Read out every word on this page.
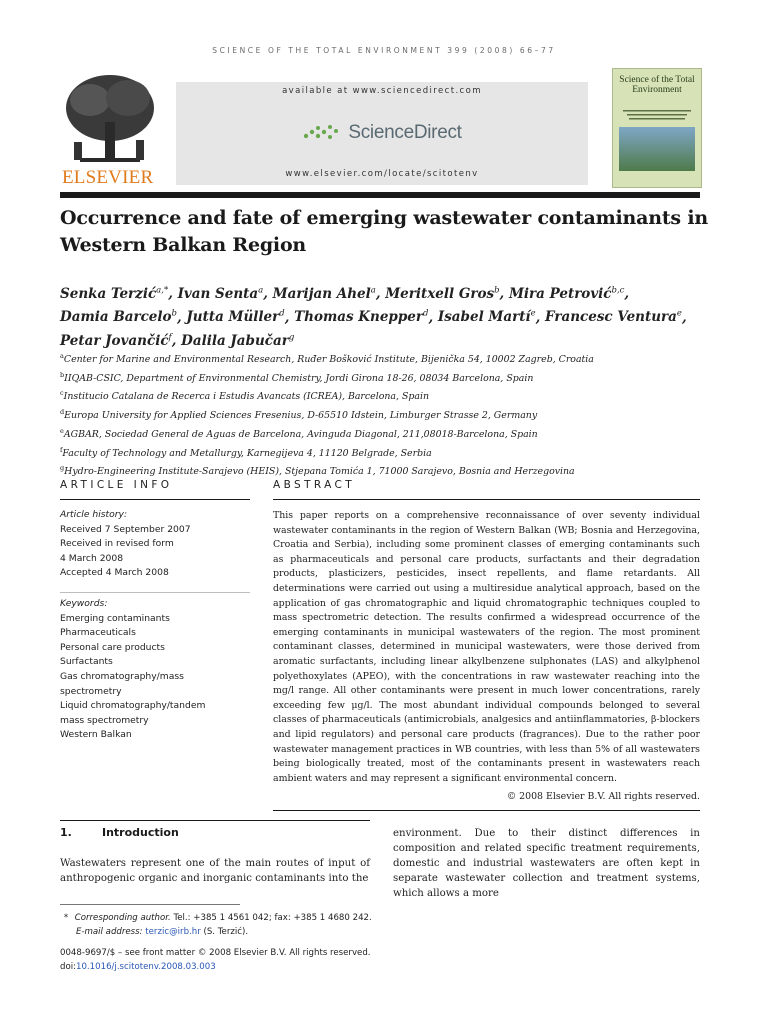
SCIENCE OF THE TOTAL ENVIRONMENT 399 (2008) 66–77
ELSEVIER
available at www.sciencedirect.com
ScienceDirect
www.elsevier.com/locate/scitotenv
Science of the Total Environment
Occurrence and fate of emerging wastewater contaminants in Western Balkan Region
Senka Terzić$^{a,*}$, Ivan Senta$^a$, Marijan Ahel$^a$, Meritxell Gros$^b$, Mira Petrović$^{b,c}$,
Damia Barcelo$^b$, Jutta Müller$^d$, Thomas Knepper$^d$, Isabel Martí$^e$, Francesc Ventura$^e$,
Petar Jovančić$^f$, Dalila Jabučar$^g$
$^a$Center for Marine and Environmental Research, Ruđer Bošković Institute, Bijenička 54, 10002 Zagreb, Croatia
$^b$IIQAB-CSIC, Department of Environmental Chemistry, Jordi Girona 18-26, 08034 Barcelona, Spain
$^c$Institucio Catalana de Recerca i Estudis Avancats (ICREA), Barcelona, Spain
$^d$Europa University for Applied Sciences Fresenius, D-65510 Idstein, Limburger Strasse 2, Germany
$^e$AGBAR, Sociedad General de Aguas de Barcelona, Avinguda Diagonal, 211,08018-Barcelona, Spain
$^f$Faculty of Technology and Metallurgy, Karnegijeva 4, 11120 Belgrade, Serbia
$^g$Hydro-Engineering Institute-Sarajevo (HEIS), Stjepana Tomića 1, 71000 Sarajevo, Bosnia and Herzegovina
ARTICLE INFO	ABSTRACT
Article history:
Received 7 September 2007
Received in revised form
4 March 2008
Accepted 4 March 2008
Keywords:
Emerging contaminants
Pharmaceuticals
Personal care products
Surfactants
Gas chromatography/mass
spectrometry
Liquid chromatography/tandem
mass spectrometry
Western Balkan
This paper reports on a comprehensive reconnaissance of over seventy individual wastewater contaminants in the region of Western Balkan (WB; Bosnia and Herzegovina, Croatia and Serbia), including some prominent classes of emerging contaminants such as pharmaceuticals and personal care products, surfactants and their degradation products, plasticizers, pesticides, insect repellents, and flame retardants. All determinations were carried out using a multiresidue analytical approach, based on the application of gas chromatographic and liquid chromatographic techniques coupled to mass spectrometric detection. The results confirmed a widespread occurrence of the emerging contaminants in municipal wastewaters of the region. The most prominent contaminant classes, determined in municipal wastewaters, were those derived from aromatic surfactants, including linear alkylbenzene sulphonates (LAS) and alkylphenol polyethoxylates (APEO), with the concentrations in raw wastewater reaching into the mg/l range. All other contaminants were present in much lower concentrations, rarely exceeding few μg/l. The most abundant individual compounds belonged to several classes of pharmaceuticals (antimicrobials, analgesics and antiinflammatories, β-blockers and lipid regulators) and personal care products (fragrances). Due to the rather poor wastewater management practices in WB countries, with less than 5% of all wastewaters being biologically treated, most of the contaminants present in wastewaters reach ambient waters and may represent a significant environmental concern.
© 2008 Elsevier B.V. All rights reserved.
1.	Introduction
Wastewaters represent one of the main routes of input of anthropogenic organic and inorganic contaminants into the
environment. Due to their distinct differences in composition and related specific treatment requirements, domestic and industrial wastewaters are often kept in separate wastewater collection and treatment systems, which allows a more
* Corresponding author. Tel.: +385 1 4561 042; fax: +385 1 4680 242.
E-mail address: terzic@irb.hr (S. Terzić).
0048-9697/$ – see front matter © 2008 Elsevier B.V. All rights reserved.
doi:10.1016/j.scitotenv.2008.03.003
